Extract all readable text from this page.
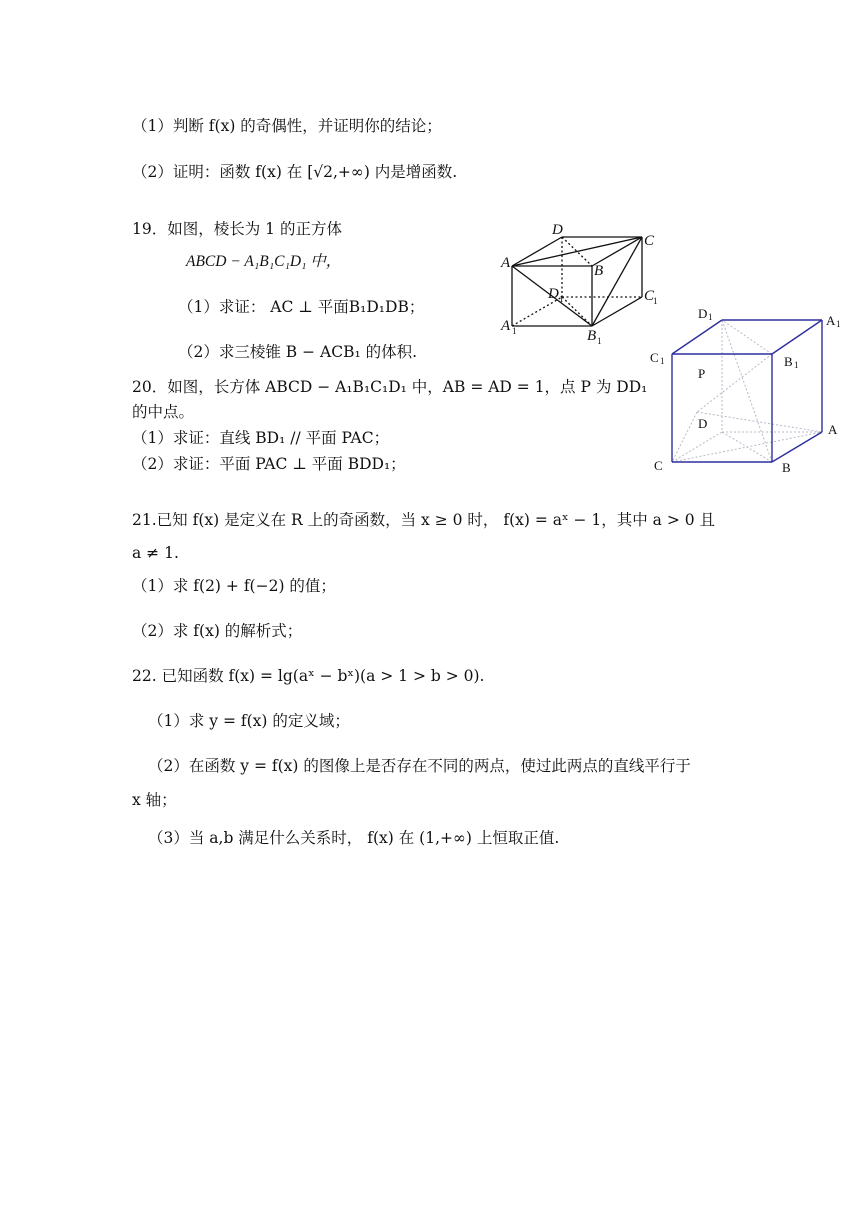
（1）判断 f(x) 的奇偶性，并证明你的结论；
（2）证明：函数 f(x) 在 [√2,+∞) 内是增函数.
19．如图，棱长为 1 的正方体
ABCD − A₁B₁C₁D₁ 中，
（1）求证： AC ⊥ 平面B₁D₁DB；
（2）求三棱锥 B − ACB₁ 的体积.
20．如图，长方体 ABCD − A₁B₁C₁D₁ 中，AB = AD = 1，点 P 为 DD₁
的中点。
（1）求证：直线 BD₁ // 平面 PAC；
（2）求证：平面 PAC ⊥ 平面 BDD₁；
21.已知 f(x) 是定义在 R 上的奇函数，当 x ≥ 0 时， f(x) = aˣ − 1，其中 a > 0 且
a ≠ 1.
（1）求 f(2) + f(−2) 的值；
（2）求 f(x) 的解析式；
22. 已知函数 f(x) = lg(aˣ − bˣ)(a > 1 > b > 0).
（1）求 y = f(x) 的定义域；
（2）在函数 y = f(x) 的图像上是否存在不同的两点，使过此两点的直线平行于
x 轴；
（3）当 a,b 满足什么关系时， f(x) 在 (1,+∞) 上恒取正值.
D
C
A	B
D	C
A
B
1	1
1
1
D	A
C	B
P
D	A
C	B
1
1
1	1
